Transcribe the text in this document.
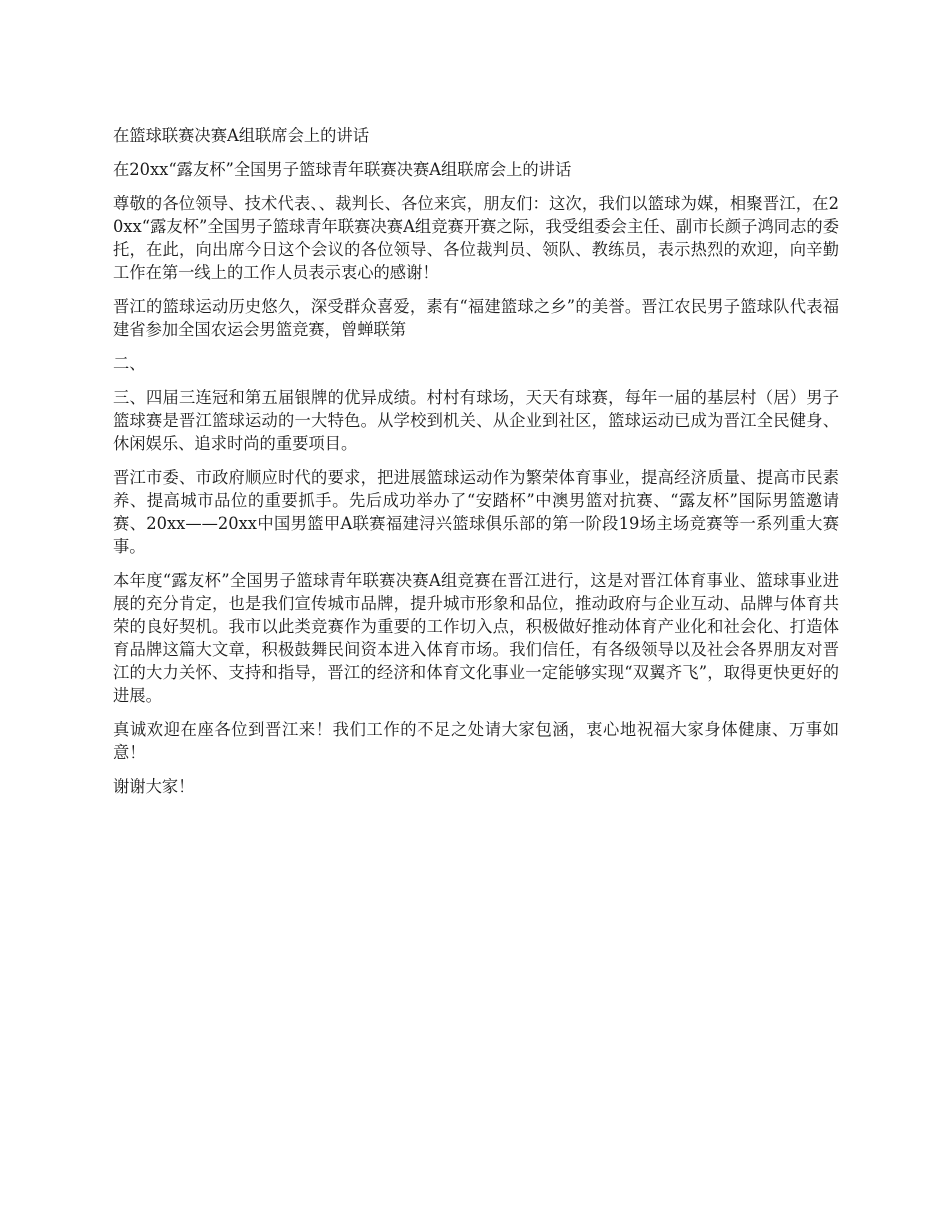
在篮球联赛决赛A组联席会上的讲话

在20xx“露友杯”全国男子篮球青年联赛决赛A组联席会上的讲话

尊敬的各位领导、技术代表、、裁判长、各位来宾，朋友们：这次，我们以篮球为媒，相聚晋江，在20xx“露友杯”全国男子篮球青年联赛决赛A组竞赛开赛之际，我受组委会主任、副市长颜子鸿同志的委托，在此，向出席今日这个会议的各位领导、各位裁判员、领队、教练员，表示热烈的欢迎，向辛勤工作在第一线上的工作人员表示衷心的感谢！

晋江的篮球运动历史悠久，深受群众喜爱，素有“福建篮球之乡”的美誉。晋江农民男子篮球队代表福建省参加全国农运会男篮竞赛，曾蝉联第

二、

三、四届三连冠和第五届银牌的优异成绩。村村有球场，天天有球赛，每年一届的基层村（居）男子篮球赛是晋江篮球运动的一大特色。从学校到机关、从企业到社区，篮球运动已成为晋江全民健身、休闲娱乐、追求时尚的重要项目。

晋江市委、市政府顺应时代的要求，把进展篮球运动作为繁荣体育事业，提高经济质量、提高市民素养、提高城市品位的重要抓手。先后成功举办了“安踏杯”中澳男篮对抗赛、“露友杯”国际男篮邀请赛、20xx——20xx中国男篮甲A联赛福建浔兴篮球俱乐部的第一阶段19场主场竞赛等一系列重大赛事。

本年度“露友杯”全国男子篮球青年联赛决赛A组竞赛在晋江进行，这是对晋江体育事业、篮球事业进展的充分肯定，也是我们宣传城市品牌，提升城市形象和品位，推动政府与企业互动、品牌与体育共荣的良好契机。我市以此类竞赛作为重要的工作切入点，积极做好推动体育产业化和社会化、打造体育品牌这篇大文章，积极鼓舞民间资本进入体育市场。我们信任，有各级领导以及社会各界朋友对晋江的大力关怀、支持和指导，晋江的经济和体育文化事业一定能够实现“双翼齐飞”，取得更快更好的进展。

真诚欢迎在座各位到晋江来！我们工作的不足之处请大家包涵，衷心地祝福大家身体健康、万事如意！

谢谢大家！
